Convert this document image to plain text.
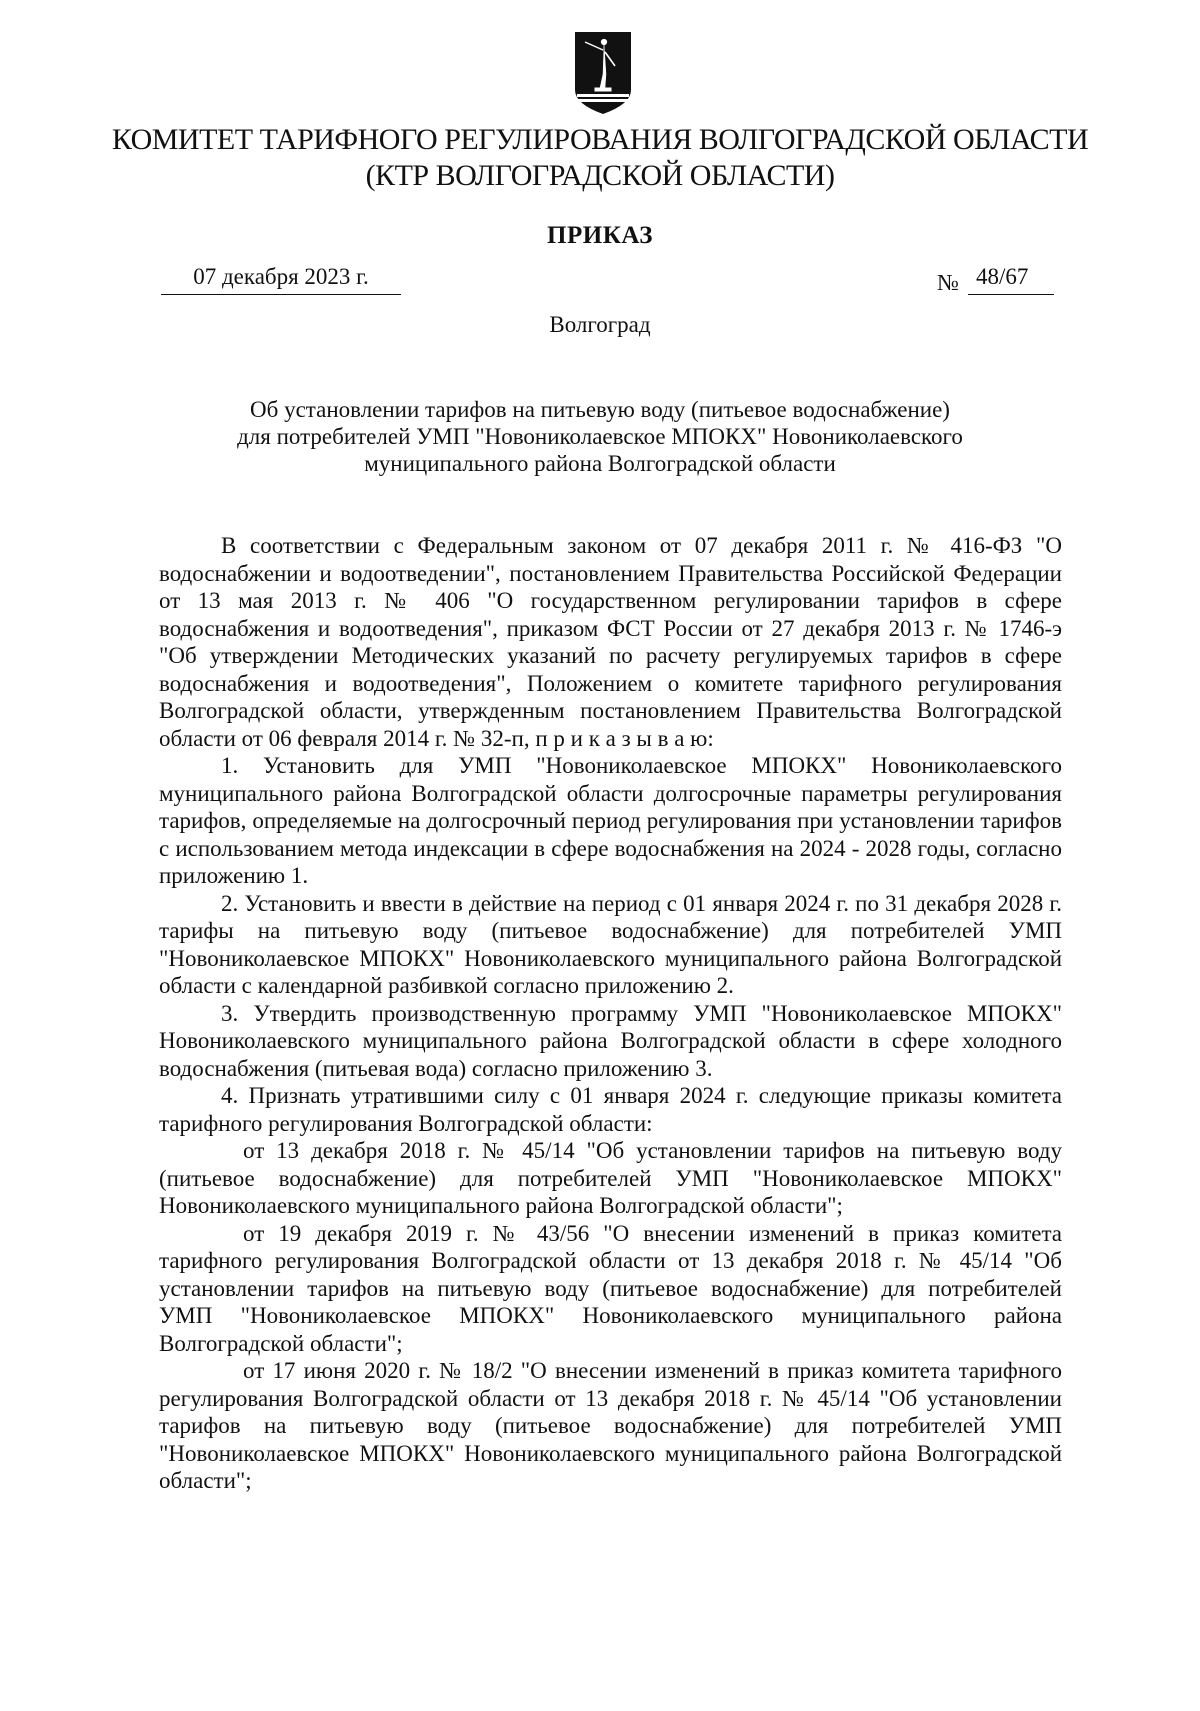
КОМИТЕТ ТАРИФНОГО РЕГУЛИРОВАНИЯ ВОЛГОГРАДСКОЙ ОБЛАСТИ
(КТР ВОЛГОГРАДСКОЙ ОБЛАСТИ)
ПРИКАЗ
07 декабря 2023 г.	№ 48/67
Волгоград
Об установлении тарифов на питьевую воду (питьевое водоснабжение)
для потребителей УМП "Новониколаевское МПОКХ" Новониколаевского
муниципального района Волгоградской области

В соответствии с Федеральным законом от 07 декабря 2011 г. № 416-ФЗ "О водоснабжении и водоотведении", постановлением Правительства Российской Федерации от 13 мая 2013 г. № 406 "О государственном регулировании тарифов в сфере водоснабжения и водоотведения", приказом ФСТ России от 27 декабря 2013 г. № 1746-э "Об утверждении Методических указаний по расчету регулируемых тарифов в сфере водоснабжения и водоотведения", Положением о комитете тарифного регулирования Волгоградской области, утвержденным постановлением Правительства Волгоградской области от 06 февраля 2014 г. № 32-п, п р и к а з ы в а ю:

1. Установить для УМП "Новониколаевское МПОКХ" Новониколаевского муниципального района Волгоградской области долгосрочные параметры регулирования тарифов, определяемые на долгосрочный период регулирования при установлении тарифов с использованием метода индексации в сфере водоснабжения на 2024 - 2028 годы, согласно приложению 1.

2. Установить и ввести в действие на период с 01 января 2024 г. по 31 декабря 2028 г. тарифы на питьевую воду (питьевое водоснабжение) для потребителей УМП "Новониколаевское МПОКХ" Новониколаевского муниципального района Волгоградской области с календарной разбивкой согласно приложению 2.

3. Утвердить производственную программу УМП "Новониколаевское МПОКХ" Новониколаевского муниципального района Волгоградской области в сфере холодного водоснабжения (питьевая вода) согласно приложению 3.

4. Признать утратившими силу с 01 января 2024 г. следующие приказы комитета тарифного регулирования Волгоградской области:

от 13 декабря 2018 г. № 45/14 "Об установлении тарифов на питьевую воду (питьевое водоснабжение) для потребителей УМП "Новониколаевское МПОКХ" Новониколаевского муниципального района Волгоградской области";

от 19 декабря 2019 г. № 43/56 "О внесении изменений в приказ комитета тарифного регулирования Волгоградской области от 13 декабря 2018 г. № 45/14 "Об установлении тарифов на питьевую воду (питьевое водоснабжение) для потребителей УМП "Новониколаевское МПОКХ" Новониколаевского муниципального района Волгоградской области";

от 17 июня 2020 г. № 18/2 "О внесении изменений в приказ комитета тарифного регулирования Волгоградской области от 13 декабря 2018 г. № 45/14 "Об установлении тарифов на питьевую воду (питьевое водоснабжение) для потребителей УМП "Новониколаевское МПОКХ" Новониколаевского муниципального района Волгоградской области";
